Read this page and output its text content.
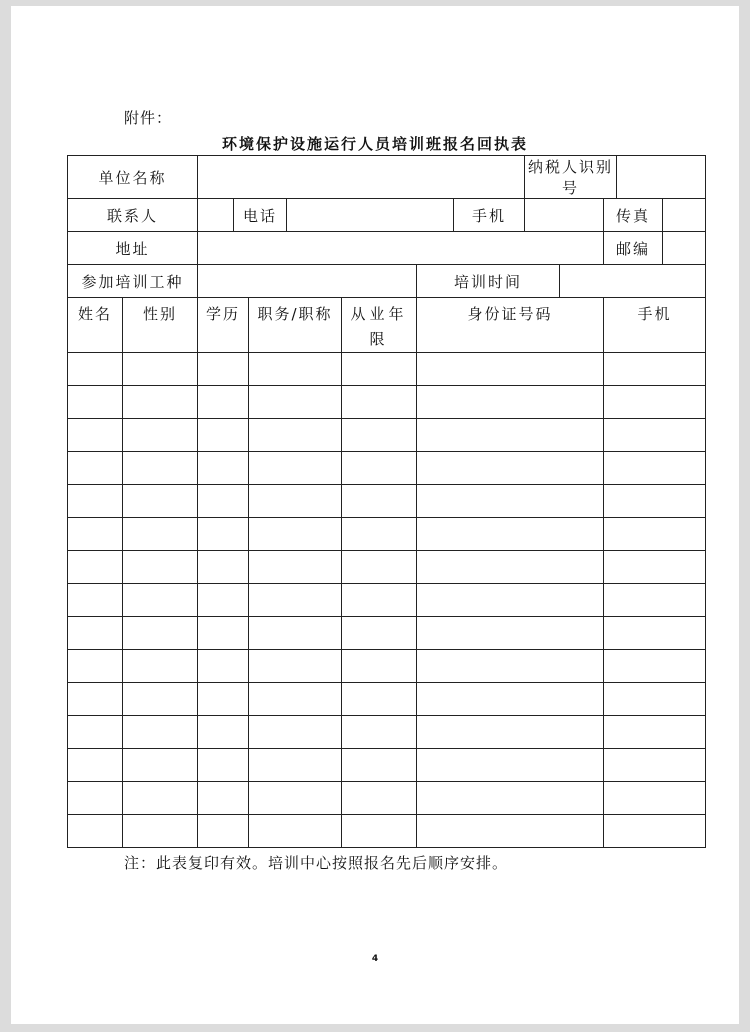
附件：
环境保护设施运行人员培训班报名回执表
单位名称									纳税人识别号				
联系人			电话					手机			传真		
地址											邮编		
参加培训工种							培训时间						
姓名	性别	学历		职务/职称		从业年限	身份证号码				手机		

注：此表复印有效。培训中心按照报名先后顺序安排。
4
